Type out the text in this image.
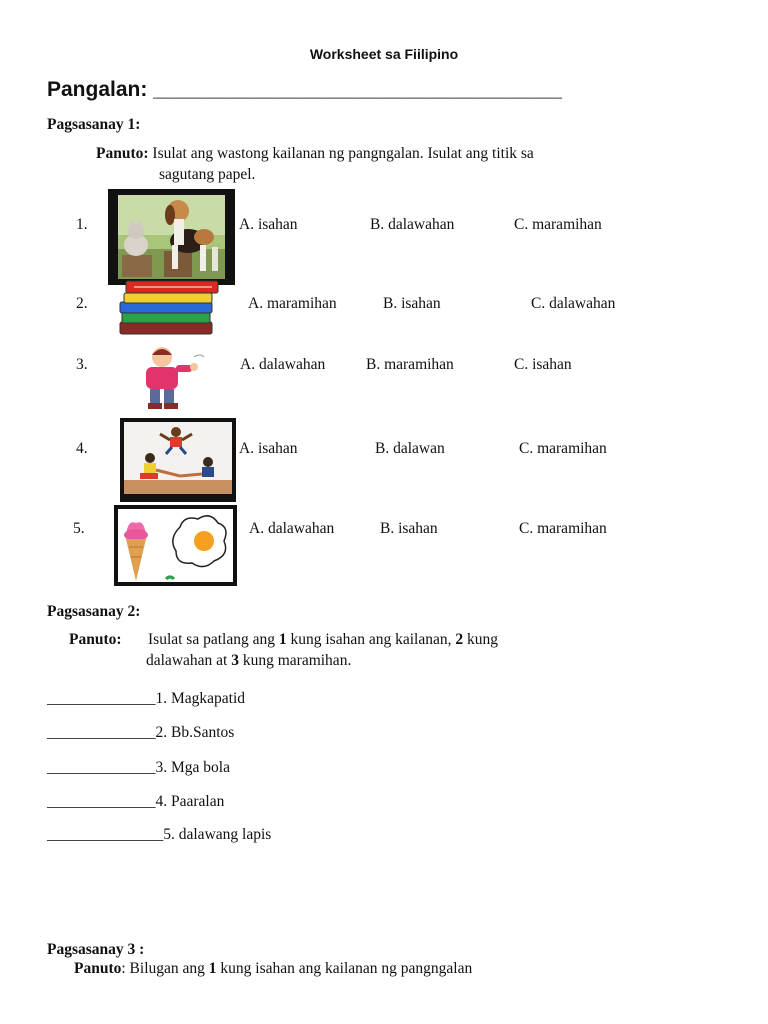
Worksheet sa Fiilipino
Pangalan: ___________________________________
Pagsasanay 1:
Panuto: Isulat ang wastong kailanan ng pangngalan. Isulat ang titik sa
sagutang papel.
1.	A. isahan	B. dalawahan	C. maramihan
2.	A. maramihan	B. isahan	C. dalawahan
3.	A. dalawahan	B. maramihan	C. isahan
4.	A. isahan	B. dalawan	C. maramihan
5.	A. dalawahan	B. isahan	C. maramihan
Pagsasanay 2:
Panuto: Isulat sa patlang ang 1 kung isahan ang kailanan, 2 kung
dalawahan at 3 kung maramihan.
______________1. Magkapatid
______________2. Bb.Santos
______________3. Mga bola
______________4. Paaralan
_______________5. dalawang lapis
Pagsasanay 3 :
Panuto: Bilugan ang 1 kung isahan ang kailanan ng pangngalan
